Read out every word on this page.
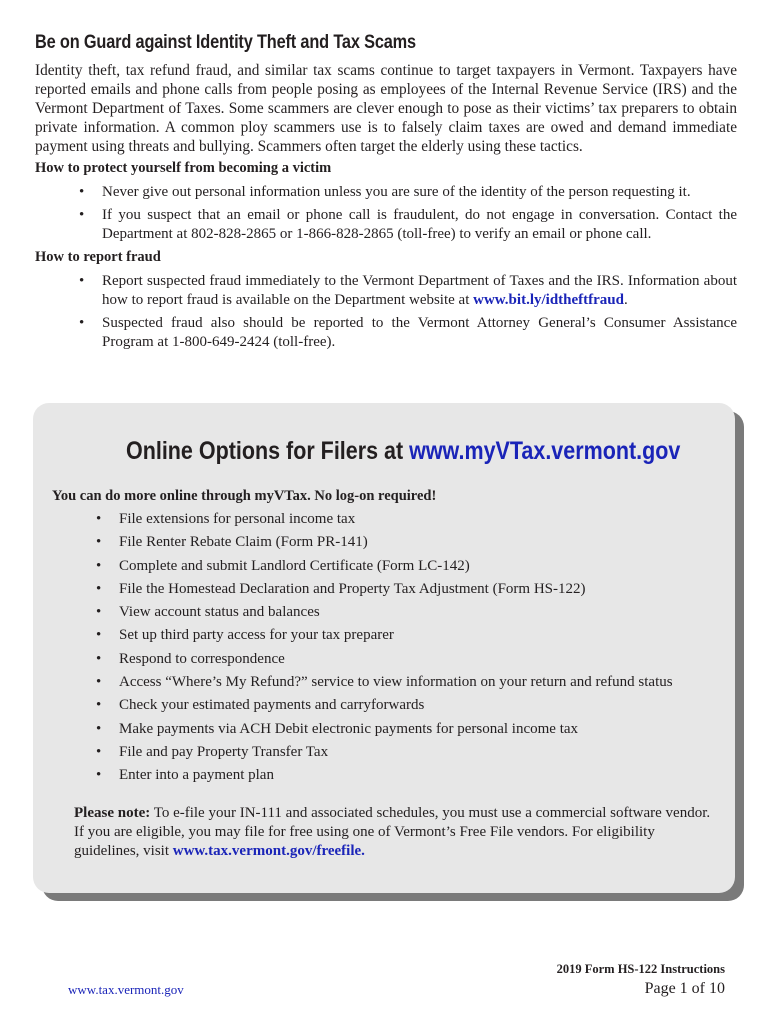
Be on Guard against Identity Theft and Tax Scams

Identity theft, tax refund fraud, and similar tax scams continue to target taxpayers in Vermont. Taxpayers have reported emails and phone calls from people posing as employees of the Internal Revenue Service (IRS) and the Vermont Department of Taxes. Some scammers are clever enough to pose as their victims’ tax preparers to obtain private information. A common ploy scammers use is to falsely claim taxes are owed and demand immediate payment using threats and bullying. Scammers often target the elderly using these tactics.

How to protect yourself from becoming a victim
• Never give out personal information unless you are sure of the identity of the person requesting it.
• If you suspect that an email or phone call is fraudulent, do not engage in conversation. Contact the Department at 802-828-2865 or 1-866-828-2865 (toll-free) to verify an email or phone call.
How to report fraud
• Report suspected fraud immediately to the Vermont Department of Taxes and the IRS. Information about how to report fraud is available on the Department website at www.bit.ly/idtheftfraud.
• Suspected fraud also should be reported to the Vermont Attorney General’s Consumer Assistance Program at 1-800-649-2424 (toll-free).
Online Options for Filers at www.myVTax.vermont.gov

You can do more online through myVTax. No log-on required!

• File extensions for personal income tax
• File Renter Rebate Claim (Form PR-141)
• Complete and submit Landlord Certificate (Form LC-142)
• File the Homestead Declaration and Property Tax Adjustment (Form HS-122)
• View account status and balances
• Set up third party access for your tax preparer
• Respond to correspondence
• Access “Where’s My Refund?” service to view information on your return and refund status
• Check your estimated payments and carryforwards
• Make payments via ACH Debit electronic payments for personal income tax
• File and pay Property Transfer Tax
• Enter into a payment plan

Please note: To e-file your IN-111 and associated schedules, you must use a commercial software vendor. If you are eligible, you may file for free using one of Vermont’s Free File vendors. For eligibility guidelines, visit www.tax.vermont.gov/freefile.

2019 Form HS-122 Instructions

Page 1 of 10

www.tax.vermont.gov
